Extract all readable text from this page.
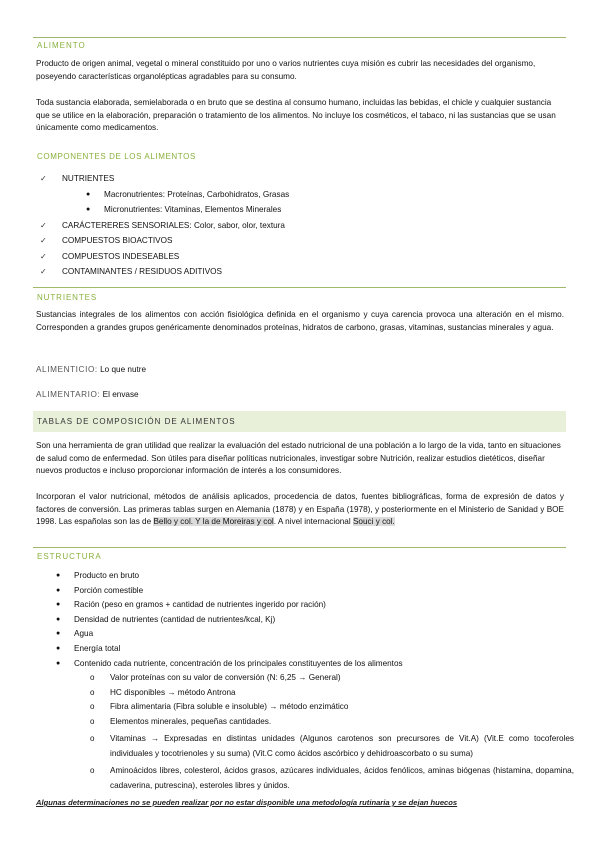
ALIMENTO
Producto de origen animal, vegetal o mineral constituido por uno o varios nutrientes cuya misión es cubrir las necesidades del organismo, poseyendo características organolépticas agradables para su consumo.
Toda sustancia elaborada, semielaborada o en bruto que se destina al consumo humano, incluidas las bebidas, el chicle y cualquier sustancia que se utilice en la elaboración, preparación o tratamiento de los alimentos. No incluye los cosméticos, el tabaco, ni las sustancias que se usan únicamente como medicamentos.
COMPONENTES DE LOS ALIMENTOS
✓	NUTRIENTES
●	Macronutrientes: Proteínas, Carbohidratos, Grasas
●	Micronutrientes: Vitaminas, Elementos Minerales
✓	CARÁCTERERES SENSORIALES: Color, sabor, olor, textura
✓	COMPUESTOS BIOACTIVOS
✓	COMPUESTOS INDESEABLES
✓	CONTAMINANTES / RESIDUOS ADITIVOS
NUTRIENTES
Sustancias integrales de los alimentos con acción fisiológica definida en el organismo y cuya carencia provoca una alteración en el mismo. Corresponden a grandes grupos genéricamente denominados proteínas, hidratos de carbono, grasas, vitaminas, sustancias minerales y agua.
ALIMENTICIO: Lo que nutre
ALIMENTARIO: El envase
TABLAS DE COMPOSICIÓN DE ALIMENTOS
Son una herramienta de gran utilidad que realizar la evaluación del estado nutricional de una población a lo largo de la vida, tanto en situaciones de salud como de enfermedad. Son útiles para diseñar políticas nutricionales, investigar sobre Nutrición, realizar estudios dietéticos, diseñar nuevos productos e incluso proporcionar información de interés a los consumidores.
Incorporan el valor nutricional, métodos de análisis aplicados, procedencia de datos, fuentes bibliográficas, forma de expresión de datos y factores de conversión. Las primeras tablas surgen en Alemania (1878) y en España (1978), y posteriormente en el Ministerio de Sanidad y BOE 1998. Las españolas son las de Bello y col. Y la de Moreiras y col. A nivel internacional Souci y col.
ESTRUCTURA
●	Producto en bruto
●	Porción comestible
●	Ración (peso en gramos + cantidad de nutrientes ingerido por ración)
●	Densidad de nutrientes (cantidad de nutrientes/kcal, Kj)
●	Agua
●	Energía total
●	Contenido cada nutriente, concentración de los principales constituyentes de los alimentos
o	Valor proteínas con su valor de conversión (N: 6,25 → General)
o	HC disponibles → método Antrona
o	Fibra alimentaria (Fibra soluble e insoluble) → método enzimático
o	Elementos minerales, pequeñas cantidades.
o	Vitaminas → Expresadas en distintas unidades (Algunos carotenos son precursores de Vit.A) (Vit.E como tocoferoles individuales y tocotrienoles y su suma) (Vit.C como ácidos ascórbico y dehidroascorbato o su suma)
o	Aminoácidos libres, colesterol, ácidos grasos, azúcares individuales, ácidos fenólicos, aminas biógenas (histamina, dopamina, cadaverina, putrescina), esteroles libres y únidos.
Algunas determinaciones no se pueden realizar por no estar disponible una metodología rutinaria y se dejan huecos
